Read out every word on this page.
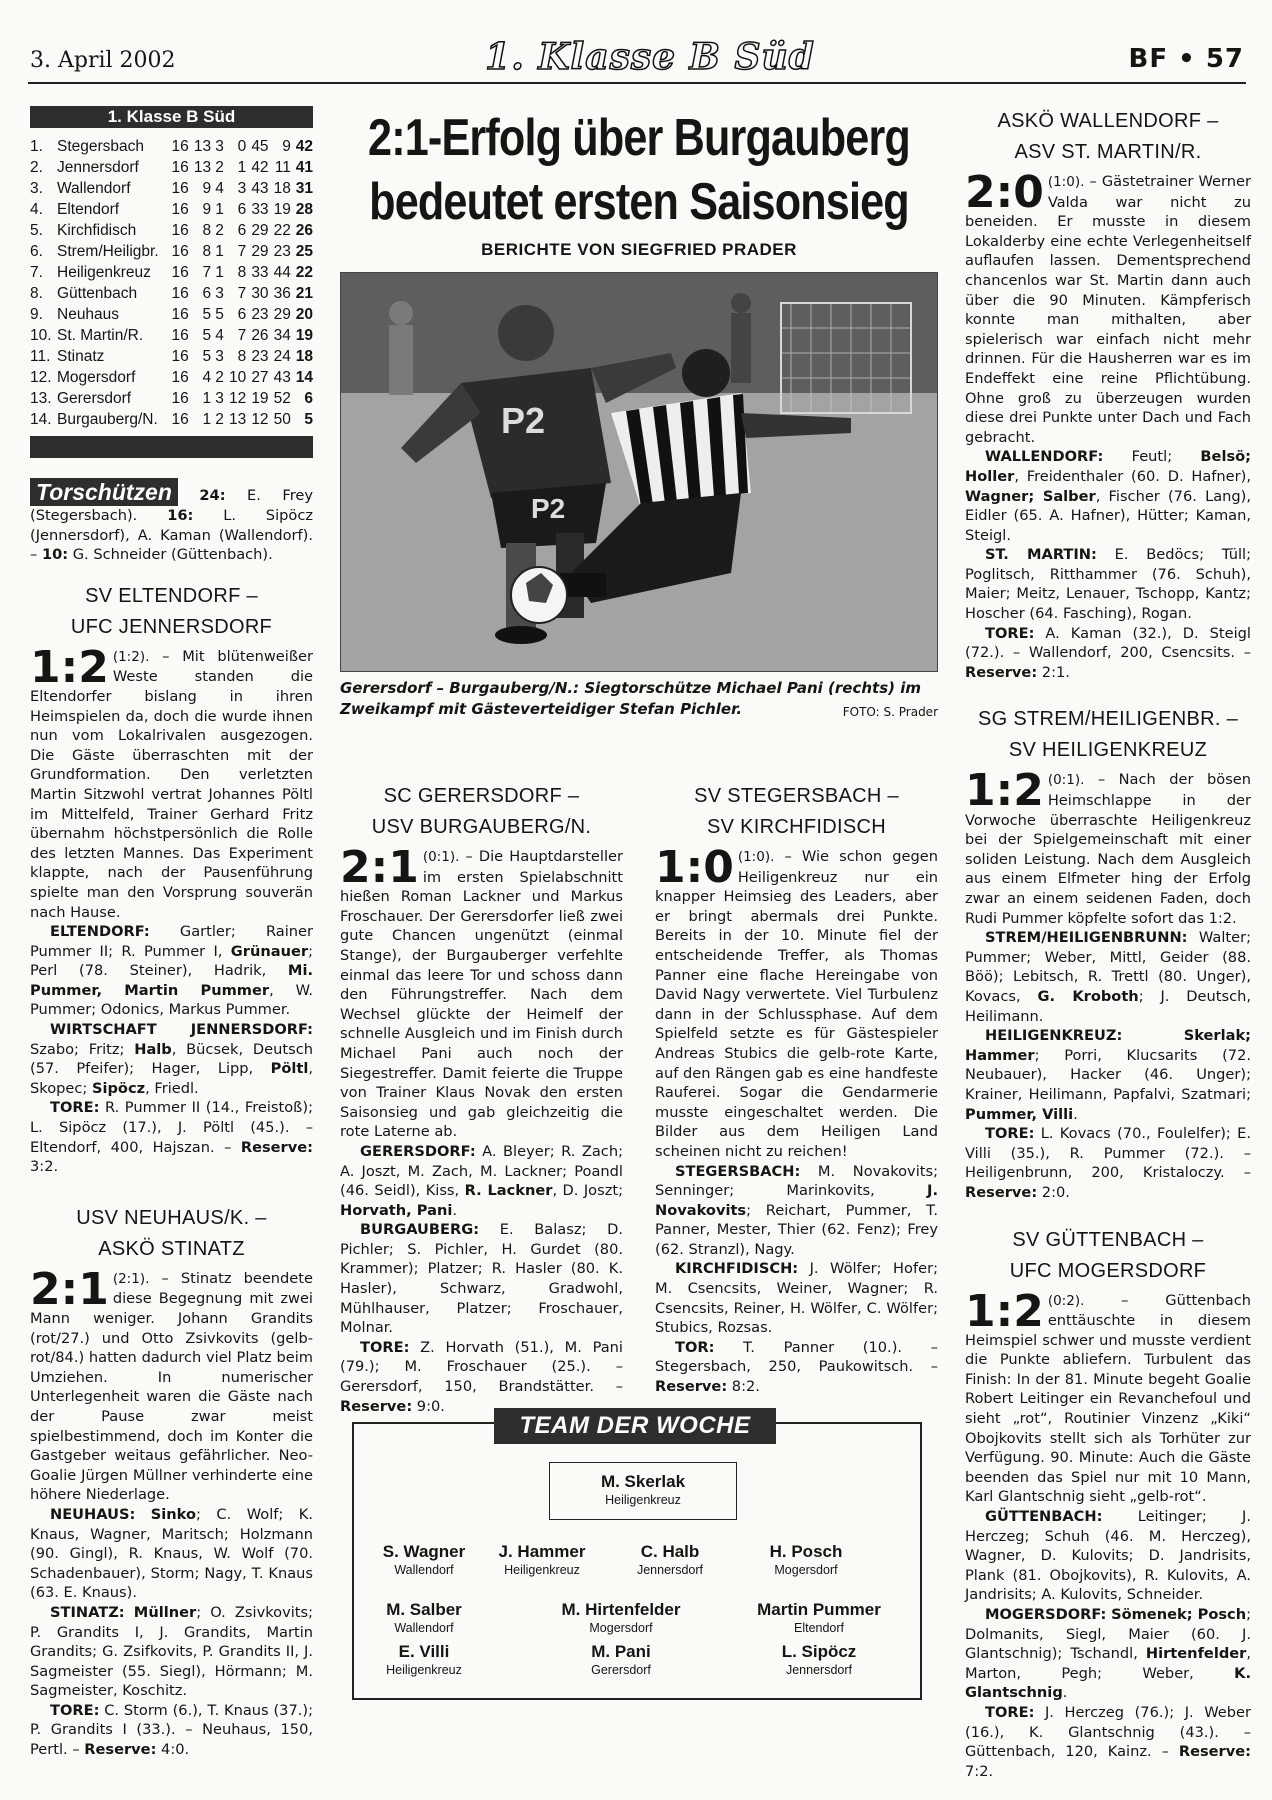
3. April 2002	1. Klasse B Süd	BF • 57
1. Klasse B Süd
1.	Stegersbach	16	13	3	0	45	9	42
2.	Jennersdorf	16	13	2	1	42	11	41
3.	Wallendorf	16	9	4	3	43	18	31
4.	Eltendorf	16	9	1	6	33	19	28
5.	Kirchfidisch	16	8	2	6	29	22	26
6.	Strem/Heiligbr.	16	8	1	7	29	23	25
7.	Heiligenkreuz	16	7	1	8	33	44	22
8.	Güttenbach	16	6	3	7	30	36	21
9.	Neuhaus	16	5	5	6	23	29	20
10.	St. Martin/R.	16	5	4	7	26	34	19
11.	Stinatz	16	5	3	8	23	24	18
12.	Mogersdorf	16	4	2	10	27	43	14
13.	Gerersdorf	16	1	3	12	19	52	6
14.	Burgauberg/N.	16	1	2	13	12	50	5
Torschützen 24: E. Frey (Stegersbach). 16: L. Sipöcz (Jennersdorf), A. Kaman (Wallendorf). – 10: G. Schneider (Güttenbach).
SV ELTENDORF –
UFC JENNERSDORF
1:2 (1:2). – Mit blütenweißer Weste standen die Eltendorfer bislang in ihren Heimspielen da, doch die wurde ihnen nun vom Lokalrivalen ausgezogen. Die Gäste überraschten mit der Grundformation. Den verletzten Martin Sitzwohl vertrat Johannes Pöltl im Mittelfeld, Trainer Gerhard Fritz übernahm höchstpersönlich die Rolle des letzten Mannes. Das Experiment klappte, nach der Pausenführung spielte man den Vorsprung souverän nach Hause.

ELTENDORF: Gartler; Rainer Pummer II; R. Pummer I, Grünauer; Perl (78. Steiner), Hadrik, Mi. Pummer, Martin Pummer, W. Pummer; Odonics, Markus Pummer.

WIRTSCHAFT JENNERSDORF: Szabo; Fritz; Halb, Bücsek, Deutsch (57. Pfeifer); Hager, Lipp, Pöltl, Skopec; Sipöcz, Friedl.

TORE: R. Pummer II (14., Freistoß); L. Sipöcz (17.), J. Pöltl (45.). – Eltendorf, 400, Hajszan. – Reserve: 3:2.

USV NEUHAUS/K. –
ASKÖ STINATZ
2:1 (2:1). – Stinatz beendete diese Begegnung mit zwei Mann weniger. Johann Grandits (rot/27.) und Otto Zsivkovits (gelb-rot/84.) hatten dadurch viel Platz beim Umziehen. In numerischer Unterlegenheit waren die Gäste nach der Pause zwar meist spielbestimmend, doch im Konter die Gastgeber weitaus gefährlicher. Neo-Goalie Jürgen Müllner verhinderte eine höhere Niederlage.

NEUHAUS: Sinko; C. Wolf; K. Knaus, Wagner, Maritsch; Holzmann (90. Gingl), R. Knaus, W. Wolf (70. Schadenbauer), Storm; Nagy, T. Knaus (63. E. Knaus).

STINATZ: Müllner; O. Zsivkovits; P. Grandits I, J. Grandits, Martin Grandits; G. Zsifkovits, P. Grandits II, J. Sagmeister (55. Siegl), Hörmann; M. Sagmeister, Koschitz.

TORE: C. Storm (6.), T. Knaus (37.); P. Grandits I (33.). – Neuhaus, 150, Pertl. – Reserve: 4:0.

2:1-Erfolg über Burgauberg
bedeutet ersten Saisonsieg
BERICHTE VON SIEGFRIED PRADER
P2
P2
Gerersdorf – Burgauberg/N.: Siegtorschütze Michael Pani (rechts) im Zweikampf mit Gästeverteidiger Stefan Pichler.	FOTO: S. Prader
SC GERERSDORF –
USV BURGAUBERG/N.
2:1 (0:1). – Die Hauptdarsteller im ersten Spielabschnitt hießen Roman Lackner und Markus Froschauer. Der Gerersdorfer ließ zwei gute Chancen ungenützt (einmal Stange), der Burgauberger verfehlte einmal das leere Tor und schoss dann den Führungstreffer. Nach dem Wechsel glückte der Heimelf der schnelle Ausgleich und im Finish durch Michael Pani auch noch der Siegestreffer. Damit feierte die Truppe von Trainer Klaus Novak den ersten Saisonsieg und gab gleichzeitig die rote Laterne ab.

GERERSDORF: A. Bleyer; R. Zach; A. Joszt, M. Zach, M. Lackner; Poandl (46. Seidl), Kiss, R. Lackner, D. Joszt; Horvath, Pani.

BURGAUBERG: E. Balasz; D. Pichler; S. Pichler, H. Gurdet (80. Krammer); Platzer; R. Hasler (80. K. Hasler), Schwarz, Gradwohl, Mühlhauser, Platzer; Froschauer, Molnar.

TORE: Z. Horvath (51.), M. Pani (79.); M. Froschauer (25.). – Gerersdorf, 150, Brandstätter. – Reserve: 9:0.

SV STEGERSBACH –
SV KIRCHFIDISCH
1:0 (1:0). – Wie schon gegen Heiligenkreuz nur ein knapper Heimsieg des Leaders, aber er bringt abermals drei Punkte. Bereits in der 10. Minute fiel der entscheidende Treffer, als Thomas Panner eine flache Hereingabe von David Nagy verwertete. Viel Turbulenz dann in der Schlussphase. Auf dem Spielfeld setzte es für Gästespieler Andreas Stubics die gelb-rote Karte, auf den Rängen gab es eine handfeste Rauferei. Sogar die Gendarmerie musste eingeschaltet werden. Die Bilder aus dem Heiligen Land scheinen nicht zu reichen!

STEGERSBACH: M. Novakovits; Senninger; Marinkovits, J. Novakovits; Reichart, Pummer, T. Panner, Mester, Thier (62. Fenz); Frey (62. Stranzl), Nagy.

KIRCHFIDISCH: J. Wölfer; Hofer; M. Csencsits, Weiner, Wagner; R. Csencsits, Reiner, H. Wölfer, C. Wölfer; Stubics, Rozsas.

TOR: T. Panner (10.). – Stegersbach, 250, Paukowitsch. – Reserve: 8:2.

TEAM DER WOCHE
M. Skerlak
Heiligenkreuz
S. Wagner
Wallendorf
J. Hammer
Heiligenkreuz
C. Halb
Jennersdorf
H. Posch
Mogersdorf
M. Salber
Wallendorf
M. Hirtenfelder
Mogersdorf
Martin Pummer
Eltendorf
E. Villi
Heiligenkreuz
M. Pani
Gerersdorf
L. Sipöcz
Jennersdorf
ASKÖ WALLENDORF –
ASV ST. MARTIN/R.
2:0 (1:0). – Gästetrainer Werner Valda war nicht zu beneiden. Er musste in diesem Lokalderby eine echte Verlegenheitself auflaufen lassen. Dementsprechend chancenlos war St. Martin dann auch über die 90 Minuten. Kämpferisch konnte man mithalten, aber spielerisch war einfach nicht mehr drinnen. Für die Hausherren war es im Endeffekt eine reine Pflichtübung. Ohne groß zu überzeugen wurden diese drei Punkte unter Dach und Fach gebracht.

WALLENDORF: Feutl; Belsö; Holler, Freidenthaler (60. D. Hafner), Wagner; Salber, Fischer (76. Lang), Eidler (65. A. Hafner), Hütter; Kaman, Steigl.

ST. MARTIN: E. Bedöcs; Tüll; Poglitsch, Ritthammer (76. Schuh), Maier; Meitz, Lenauer, Tschopp, Kantz; Hoscher (64. Fasching), Rogan.

TORE: A. Kaman (32.), D. Steigl (72.). – Wallendorf, 200, Csencsits. – Reserve: 2:1.

SG STREM/HEILIGENBR. –
SV HEILIGENKREUZ
1:2 (0:1). – Nach der bösen Heimschlappe in der Vorwoche überraschte Heiligenkreuz bei der Spielgemeinschaft mit einer soliden Leistung. Nach dem Ausgleich aus einem Elfmeter hing der Erfolg zwar an einem seidenen Faden, doch Rudi Pummer köpfelte sofort das 1:2.

STREM/HEILIGENBRUNN: Walter; Pummer; Weber, Mittl, Geider (88. Böö); Lebitsch, R. Trettl (80. Unger), Kovacs, G. Kroboth; J. Deutsch, Heilimann.

HEILIGENKREUZ:	Skerlak; Hammer; Porri, Klucsarits (72. Neubauer), Hacker (46. Unger); Krainer, Heilimann, Papfalvi, Szatmari; Pummer, Villi.

TORE: L. Kovacs (70., Foulelfer); E. Villi (35.), R. Pummer (72.). – Heiligenbrunn, 200, Kristaloczy. – Reserve: 2:0.

SV GÜTTENBACH –
UFC MOGERSDORF
1:2 (0:2). – Güttenbach enttäuschte in diesem Heimspiel schwer und musste verdient die Punkte abliefern. Turbulent das Finish: In der 81. Minute begeht Goalie Robert Leitinger ein Revanchefoul und sieht „rot“, Routinier Vinzenz „Kiki“ Obojkovits stellt sich als Torhüter zur Verfügung. 90. Minute: Auch die Gäste beenden das Spiel nur mit 10 Mann, Karl Glantschnig sieht „gelb-rot“.

GÜTTENBACH: Leitinger; J. Herczeg; Schuh (46. M. Herczeg), Wagner, D. Kulovits; D. Jandrisits, Plank (81. Obojkovits), R. Kulovits, A. Jandrisits; A. Kulovits, Schneider.

MOGERSDORF: Sömenek; Posch; Dolmanits, Siegl, Maier (60. J. Glantschnig); Tschandl, Hirtenfelder, Marton, Pegh; Weber, K. Glantschnig.

TORE: J. Herczeg (76.); J. Weber (16.), K. Glantschnig (43.). – Güttenbach, 120, Kainz. – Reserve: 7:2.
